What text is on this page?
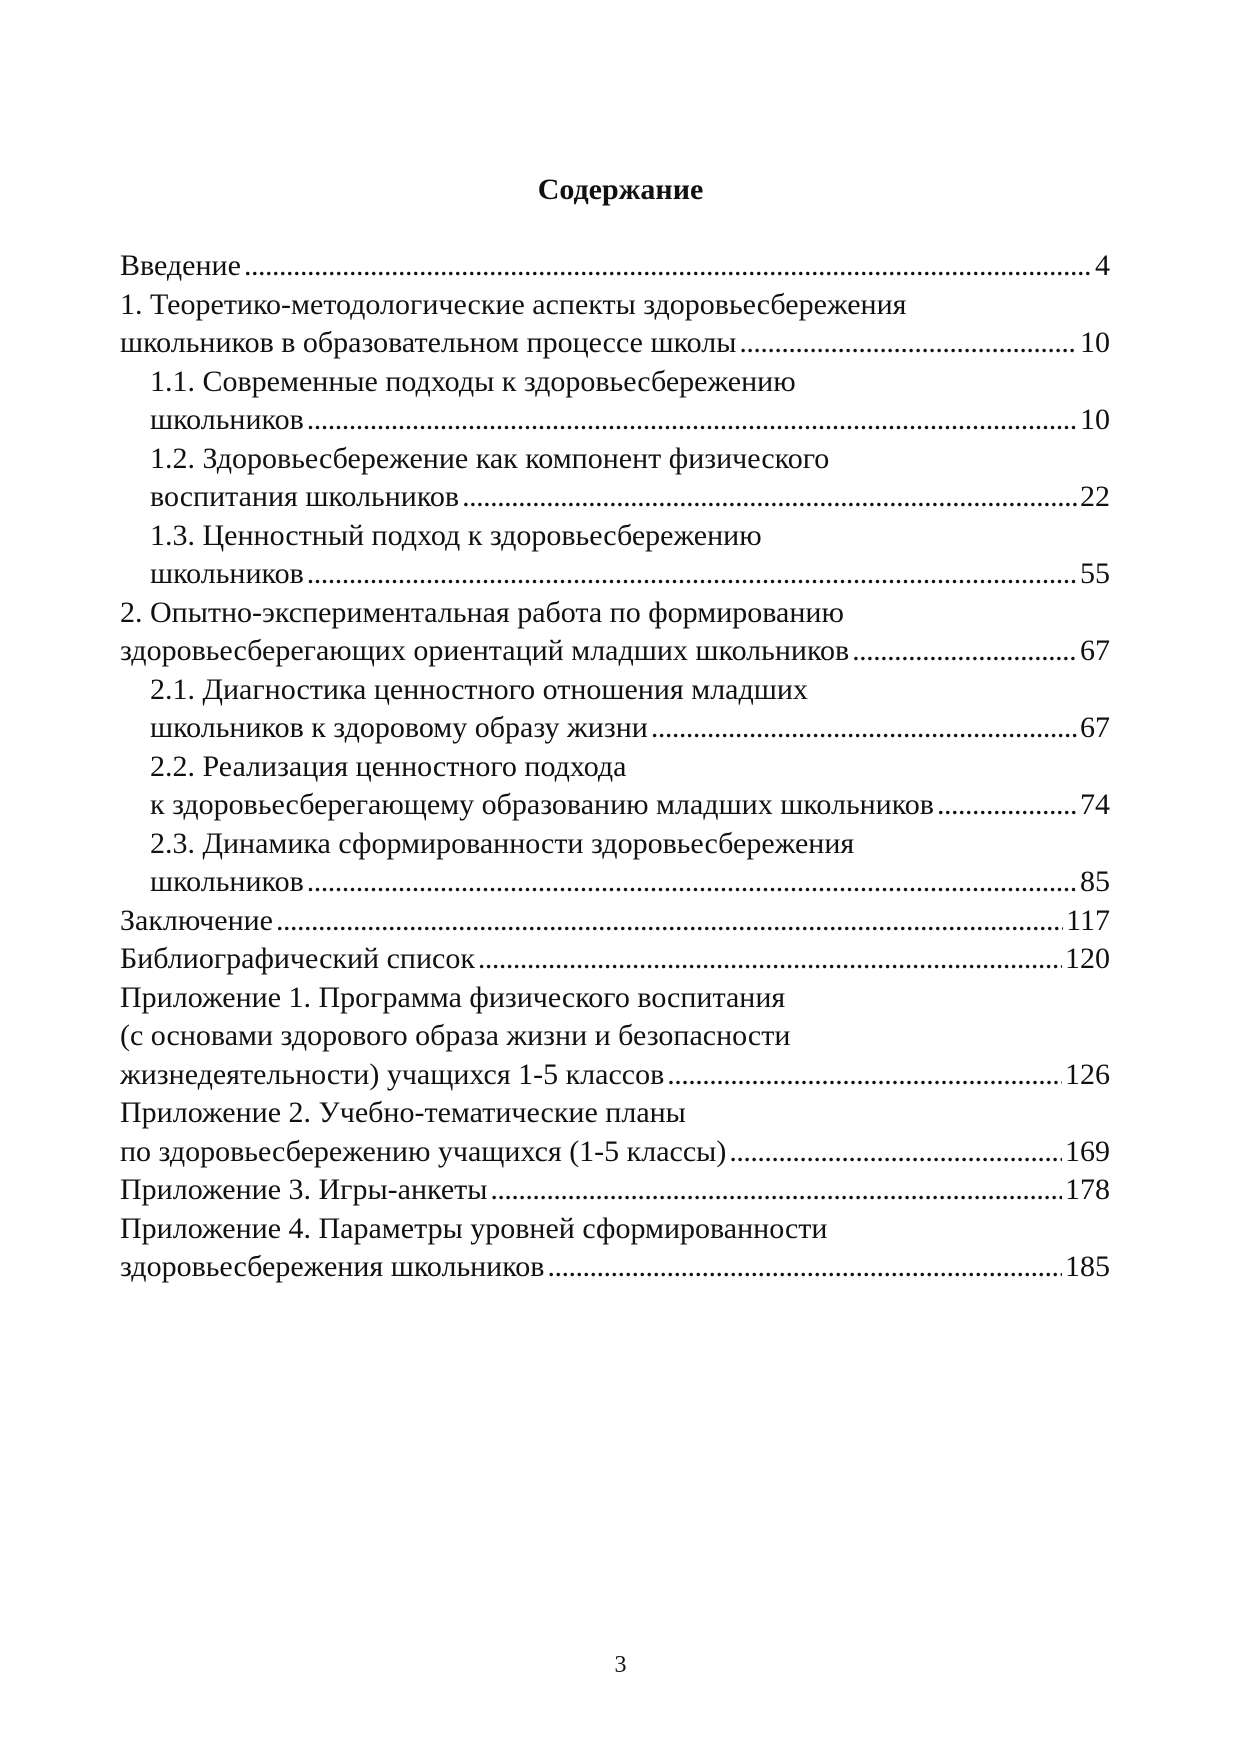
Содержание
Введение . . .	4
1. Теоретико-методологические аспекты здоровьесбережения
школьников в образовательном процессе школы . . .	10
1.1. Современные подходы к здоровьесбережению
школьников . . .	10
1.2. Здоровьесбережение как компонент физического
воспитания школьников . . .	22
1.3. Ценностный подход к здоровьесбережению
школьников . . .	55
2. Опытно-экспериментальная работа по формированию
здоровьесберегающих ориентаций младших школьников . . .	67
2.1. Диагностика ценностного отношения младших
школьников к здоровому образу жизни . . .	67
2.2. Реализация ценностного подхода
к здоровьесберегающему образованию младших школьников . . .	74
2.3. Динамика сформированности здоровьесбережения
школьников . . .	85
Заключение . . .	117
Библиографический список . . .	120
Приложение 1. Программа физического воспитания
(с основами здорового образа жизни и безопасности
жизнедеятельности) учащихся 1-5 классов . . .	126
Приложение 2. Учебно-тематические планы
по здоровьесбережению учащихся (1-5 классы) . . .	169
Приложение 3. Игры-анкеты . . .	178
Приложение 4. Параметры уровней сформированности
здоровьесбережения школьников . . .	185
3
